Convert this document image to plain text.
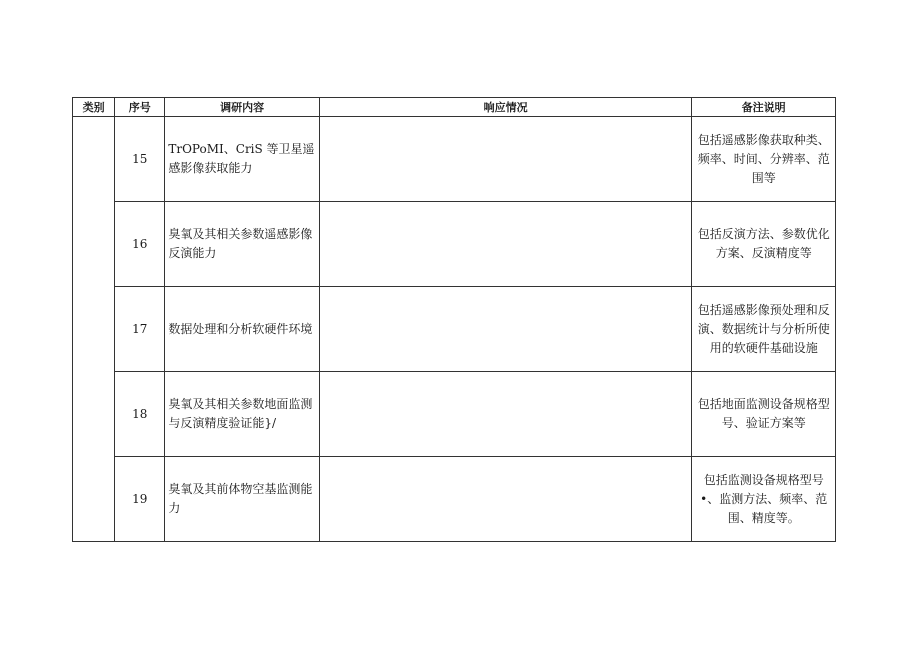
类别	序号	调研内容	响应情况	备注说明
	15	TrOPoMI、CriS 等卫星遥感影像获取能力		包括遥感影像获取种类、频率、时间、分辨率、范围等
	16	臭氧及其相关参数遥感影像反演能力		包括反演方法、参数优化方案、反演精度等
	17	数据处理和分析软硬件环境		包括遥感影像预处理和反演、数据统计与分析所使用的软硬件基础设施
	18	臭氧及其相关参数地面监测与反演精度验证能}/		包括地面监测设备规格型号、验证方案等
	19	臭氧及其前体物空基监测能力		包括监测设备规格型号•、监测方法、频率、范围、精度等。
